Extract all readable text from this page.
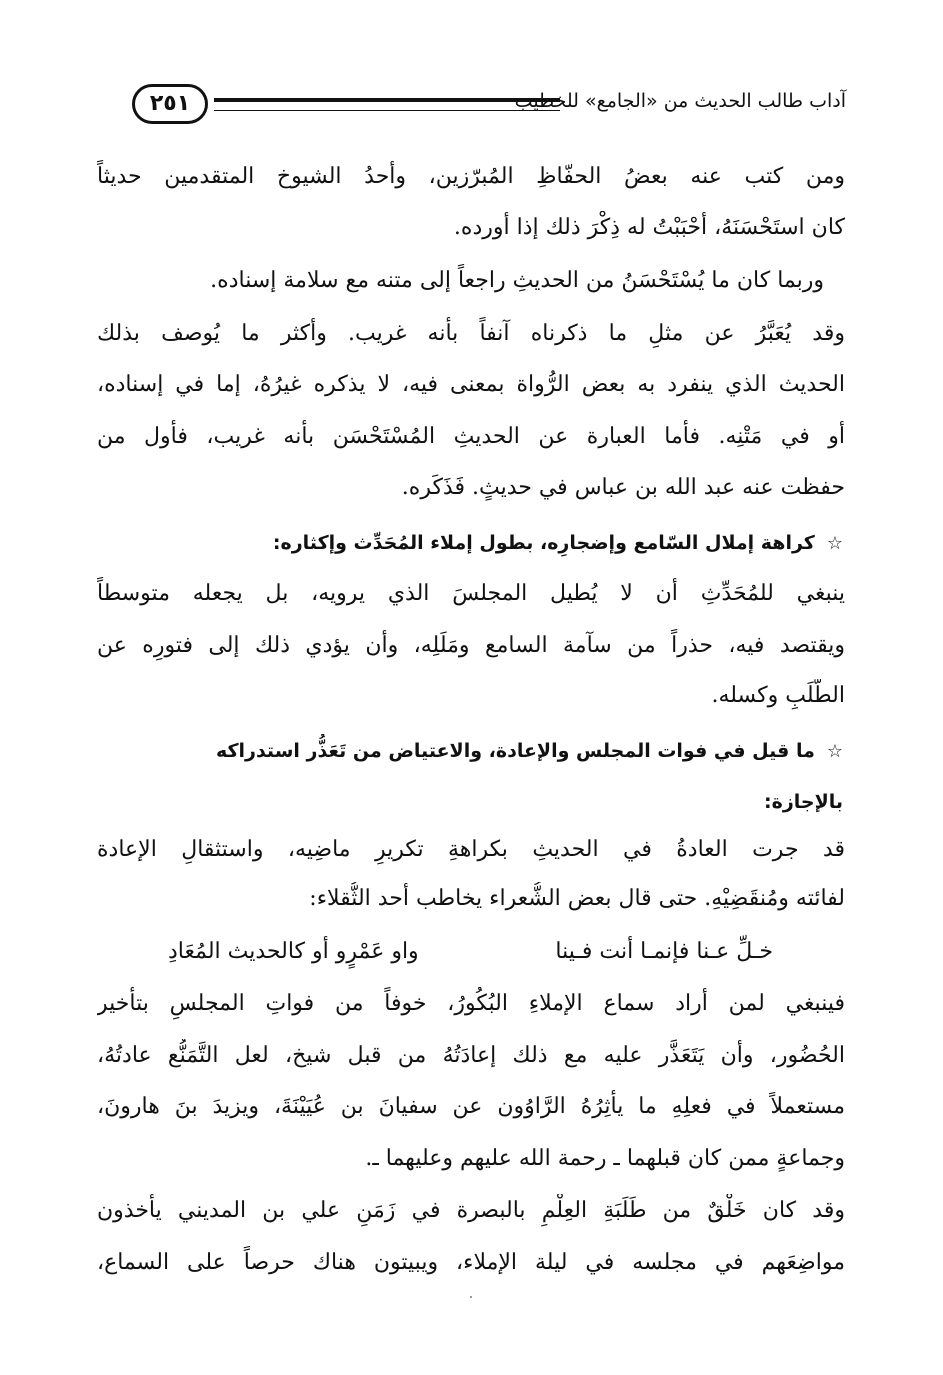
آداب طالب الحديث من «الجامع» للخطيب
٢٥١
ومن كتب عنه بعضُ الحفّاظِ المُبرّزين، وأحدُ الشيوخ المتقدمين حديثاً
كان استَحْسَنَهُ، أحْبَبْتُ له ذِكْرَ ذلك إذا أورده.
وربما كان ما يُسْتَحْسَنُ من الحديثِ راجعاً إلى متنه مع سلامة إسناده.
وقد يُعَبَّرُ عن مثلِ ما ذكرناه آنفاً بأنه غريب. وأكثر ما يُوصف بذلك
الحديث الذي ينفرد به بعض الرُّواة بمعنى فيه، لا يذكره غيرُهُ، إما في إسناده،
أو في مَتْنِه. فأما العبارة عن الحديثِ المُسْتَحْسَن بأنه غريب، فأول من
حفظت عنه عبد الله بن عباس في حديثٍ. فَذَكَره.
☆كراهة إملال السّامع وإضجارِه، بطول إملاء المُحَدِّث وإكثاره:
ينبغي للمُحَدِّثِ أن لا يُطيل المجلسَ الذي يرويه، بل يجعله متوسطاً
ويقتصد فيه، حذراً من سآمة السامع ومَلَلِه، وأن يؤدي ذلك إلى فتورِه عن
الطَّلَبِ وكسله.
☆ما قيل في فوات المجلس والإعادة، والاعتياض من تَعَذُّر استدراكه
بالإجازة:
قد جرت العادةُ في الحديثِ بكراهةِ تكريرِ ماضِيه، واستثقالِ الإعادة
لفائته ومُنقَضِيْهِ. حتى قال بعض الشُّعراء يخاطب أحد الثُّقلاء:
خـلِّ عـنا فإنمـا أنت فـينا
واو عَمْرٍو أو كالحديث المُعَادِ
فينبغي لمن أراد سماع الإملاءِ البُكُورُ، خوفاً من فواتِ المجلسِ بتأْخير
الحُضُور، وأن يَتَعَذَّر عليه مع ذلك إعادَتُهُ من قبل شيخ، لعل التَّمَنُّع عادتُهُ،
مستعملاً في فعلِهِ ما يأْثِرُهُ الرَّاوُون عن سفيانَ بن عُيَيْنَةَ، ويزيدَ بنَ هارونَ،
وجماعةٍ ممن كان قبلهما ـ رحمة الله عليهم وعليهما ـ.
وقد كان خَلْقٌ من طَلَبَةِ العِلْمِ بالبصرة في زَمَنِ علي بن المديني يأْخذون
مواضِعَهم في مجلسه في ليلة الإملاء، ويبيتون هناك حرصاً على السماع،
